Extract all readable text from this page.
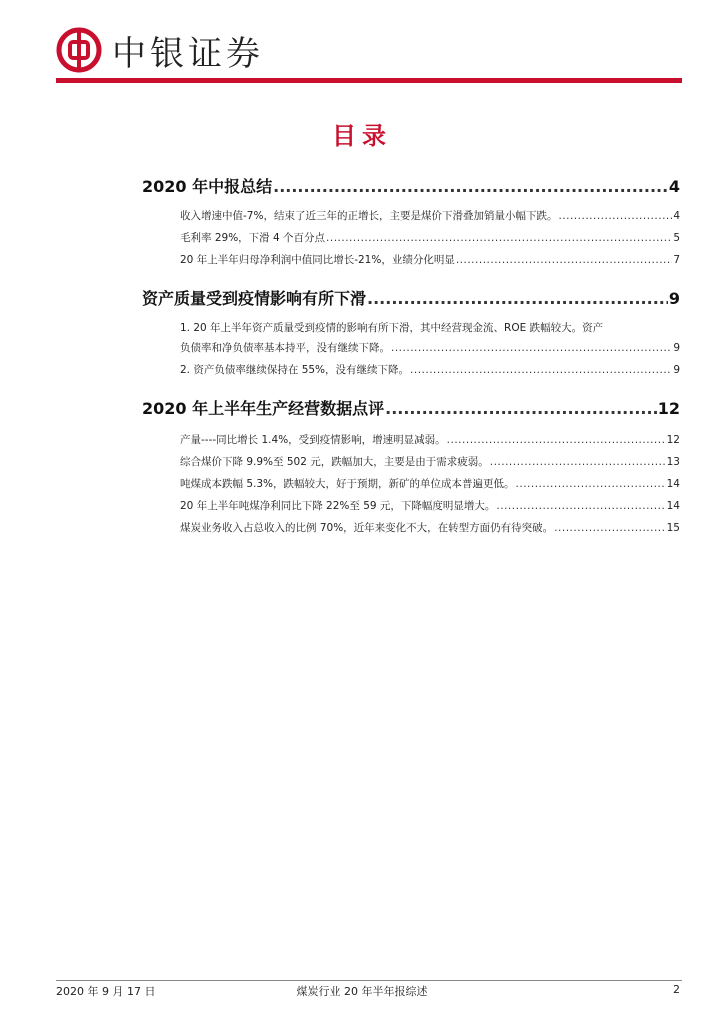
中银证券
目录
2020 年中报总结 .....	4
收入增速中值-7%，结束了近三年的正增长，主要是煤价下滑叠加销量小幅下跌。 .....	4
毛利率 29%，下滑 4 个百分点 .....	5
20 年上半年归母净利润中值同比增长-21%，业绩分化明显 .....	7
资产质量受到疫情影响有所下滑 .....	9
1. 20 年上半年资产质量受到疫情的影响有所下滑，其中经营现金流、ROE 跌幅较大。资产
负债率和净负债率基本持平，没有继续下降。 .....	9
2. 资产负债率继续保持在 55%，没有继续下降。 .....	9
2020 年上半年生产经营数据点评 .....	12
产量----同比增长 1.4%，受到疫情影响，增速明显减弱。 .....	12
综合煤价下降 9.9%至 502 元，跌幅加大，主要是由于需求疲弱。 .....	13
吨煤成本跌幅 5.3%，跌幅较大，好于预期，新矿的单位成本普遍更低。 .....	14
20 年上半年吨煤净利同比下降 22%至 59 元，下降幅度明显增大。 .....	14
煤炭业务收入占总收入的比例 70%，近年来变化不大，在转型方面仍有待突破。 .....	15
2020 年 9 月 17 日	煤炭行业 20 年半年报综述	2
